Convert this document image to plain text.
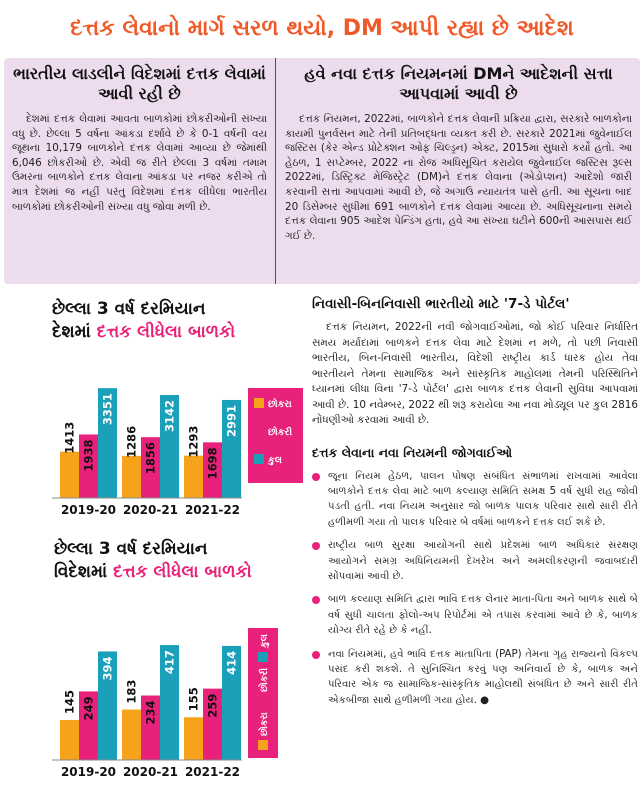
દત્તક લેવાનો માર્ગ સરળ થયો, DM આપી રહ્યા છે આદેશ
ભારતીય લાડલીને વિદેશમાં દત્તક લેવામાં આવી રહી છે

દેશમાં દત્તક લેવામાં આવતા બાળકોમાં છોકરીઓની સંખ્યા વધુ છે. છેલ્લા 5 વર્ષના આંકડા દર્શાવે છે કે 0-1 વર્ષની વય જૂથના 10,179 બાળકોને દત્તક લેવામાં આવ્યા છે જેમાંથી 6,046 છોકરીઓ છે. એવી જ રીતે છેલ્લા 3 વર્ષમાં તમામ ઉંમરના બાળકોને દત્તક લેવાના આંકડા પર નજર કરીએ તો માત્ર દેશમાં જ નહીં પરંતુ વિદેશમાં દત્તક લીધેલા ભારતીય બાળકોમાં છોકરીઓની સંખ્યા વધુ જોવા મળી છે.

હવે નવા દત્તક નિયમનમાં DMને આદેશની સત્તા આપવામાં આવી છે

દત્તક નિયમન, 2022માં, બાળકોને દત્તક લેવાની પ્રક્રિયા દ્વારા, સરકારે બાળકોના કાયમી પુનર્વસન માટે તેની પ્રતિબદ્ધતા વ્યક્ત કરી છે. સરકારે 2021માં જુવેનાઈલ જસ્ટિસ (કેર એન્ડ પ્રોટેક્શન ઓફ ચિલ્ડ્રન) એક્ટ, 2015માં સુધારો કર્યો હતો. આ હેઠળ, 1 સપ્ટેમ્બર, 2022 ના રોજ અધિસૂચિત કરાયેલ જુવેનાઈલ જસ્ટિસ રૂલ્સ 2022માં, ડિસ્ટ્રિક્ટ મેજિસ્ટ્રેટ (DM)ને દત્તક લેવાના (એડોપ્શન) આદેશો જારી કરવાની સત્તા આપવામાં આવી છે, જે અગાઉ ન્યાયતંત્ર પાસે હતી. આ સૂચના બાદ 20 ડિસેમ્બર સુધીમાં 691 બાળકોને દત્તક લેવામાં આવ્યા છે. અધિસૂચનાના સમયે દત્તક લેવાના 905 આદેશ પેન્ડિંગ હતા, હવે આ સંખ્યા ઘટીને 600ની આસપાસ થઈ ગઈ છે.

છેલ્લા 3 વર્ષ દરમિયાન
દેશમાં દત્તક લીધેલા બાળકો
1413
1938
3351
2019-20
1286
1856
3142
2020-21
1293
1698
2991
2021-22
છોકરા
છોકરી
કુલ
છેલ્લા 3 વર્ષ દરમિયાન
વિદેશમાં દત્તક લીધેલા બાળકો
145 249
394
2019-20
183
234
417
2020-21
155 259
414
2021-22
છોકરા
છોકરી
કુલ
નિવાસી-બિનનિવાસી ભારતીયો માટે '7-ડે પોર્ટલ'

દત્તક નિયમન, 2022ની નવી જોગવાઈઓમાં, જો કોઈ પરિવાર નિર્ધારિત સમય મર્યાદામાં બાળકને દત્તક લેવા માટે દેશમાં ન મળે, તો પછી નિવાસી ભારતીય, બિન-નિવાસી ભારતીય, વિદેશી રાષ્ટ્રીય કાર્ડ ધારક હોય તેવા ભારતીયને તેમના સામાજિક અને સાંસ્કૃતિક માહોલમાં તેમની પરિસ્થિતિને ધ્યાનમાં લીધા વિના '7-ડે પોર્ટલ' દ્વારા બાળક દત્તક લેવાની સુવિધા આપવામાં આવી છે. 10 નવેમ્બર, 2022 થી શરૂ કરાયેલા આ નવા મોડ્યૂલ પર કુલ 2816 નોંધણીઓ કરવામાં આવી છે.

દત્તક લેવાના નવા નિયમની જોગવાઈઓ
જૂના નિયમ હેઠળ, પાલન પોષણ સંબંધિત સંભાળમાં રાખવામાં આવેલા બાળકોને દત્તક લેવા માટે બાળ કલ્યાણ સમિતિ સમક્ષ 5 વર્ષ સુધી રાહ જોવી પડતી હતી. નવા નિયમ અનુસાર જો બાળક પાલક પરિવાર સાથે સારી રીતે હળીમળી ગયા તો પાલક પરિવાર બે વર્ષમાં બાળકને દત્તક લઈ શકે છે.
રાષ્ટ્રીય બાળ સુરક્ષા આયોગની સાથે પ્રદેશમાં બાળ અધિકાર સંરક્ષણ આયોગને સમગ્ર અધિનિયમની દેખરેખ અને અમલીકરણની જવાબદારી સોંપવામાં આવી છે.
બાળ કલ્યાણ સમિતિ દ્વારા ભાવિ દત્તક લેનાર માતા-પિતા અને બાળક સાથે બે વર્ષ સુધી ચાલતા ફોલો-અપ રિપોર્ટમાં એ તપાસ કરવામાં આવે છે કે, બાળક યોગ્ય રીતે રહે છે કે નહીં.
નવા નિયમમાં, હવે ભાવિ દત્તક માતાપિતા (PAP) તેમના ગૃહ રાજ્યનો વિકલ્પ પસંદ કરી શકશે. તે સુનિશ્ચિત કરવું પણ અનિવાર્ય છે કે, બાળક અને પરિવાર એક જ સામાજિક-સાંસ્કૃતિક માહોલથી સંબંધિત છે અને સારી રીતે એકબીજા સાથે હળીમળી ગયા હોય. ●
